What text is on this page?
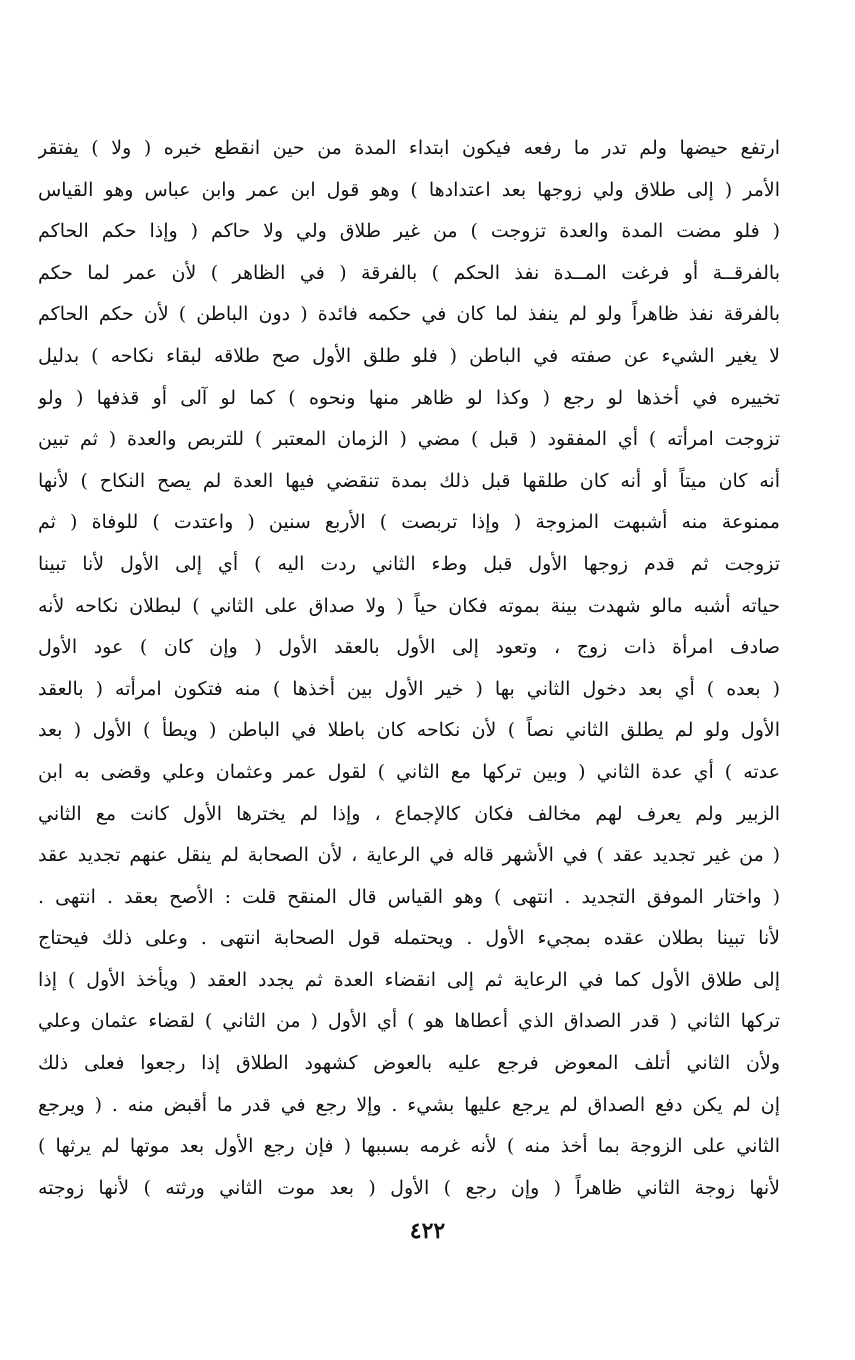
ارتفع حيضها ولم تدر ما رفعه فيكون ابتداء المدة من حين انقطع خبره ( ولا ) يفتقر
الأمر ( إلى طلاق ولي زوجها بعد اعتدادها ) وهو قول ابن عمر وابن عباس وهو القياس
( فلو مضت المدة والعدة تزوجت ) من غير طلاق ولي ولا حاكم ( وإذا حكم الحاكم
بالفرقــة أو فرغت المــدة نفذ الحكم ) بالفرقة ( في الظاهر ) لأن عمر لما حكم
بالفرقة نفذ ظاهراً ولو لم ينفذ لما كان في حكمه فائدة ( دون الباطن ) لأن حكم الحاكم
لا يغير الشيء عن صفته في الباطن ( فلو طلق الأول صح طلاقه لبقاء نكاحه ) بدليل
تخييره في أخذها لو رجع ( وكذا لو ظاهر منها ونحوه ) كما لو آلى أو قذفها ( ولو
تزوجت امرأته ) أي المفقود ( قبل ) مضي ( الزمان المعتبر ) للتربص والعدة ( ثم تبين
أنه كان ميتاً أو أنه كان طلقها قبل ذلك بمدة تنقضي فيها العدة لم يصح النكاح ) لأنها
ممنوعة منه أشبهت المزوجة ( وإذا تربصت ) الأربع سنين ( واعتدت ) للوفاة ( ثم
تزوجت ثم قدم زوجها الأول قبل وطء الثاني ردت اليه ) أي إلى الأول لأنا تبينا
حياته أشبه مالو شهدت بينة بموته فكان حياً ( ولا صداق على الثاني ) لبطلان نكاحه لأنه
صادف امرأة ذات زوج ، وتعود إلى الأول بالعقد الأول ( وإن كان ) عود الأول
( بعده ) أي بعد دخول الثاني بها ( خير الأول بين أخذها ) منه فتكون امرأته ( بالعقد
الأول ولو لم يطلق الثاني نصاً ) لأن نكاحه كان باطلا في الباطن ( ويطأ ) الأول ( بعد
عدته ) أي عدة الثاني ( وبين تركها مع الثاني ) لقول عمر وعثمان وعلي وقضى به ابن
الزبير ولم يعرف لهم مخالف فكان كالإجماع ، وإذا لم يخترها الأول كانت مع الثاني
( من غير تجديد عقد ) في الأشهر قاله في الرعاية ، لأن الصحابة لم ينقل عنهم تجديد عقد
( واختار الموفق التجديد . انتهى ) وهو القياس قال المنقح قلت : الأصح بعقد . انتهى .
لأنا تبينا بطلان عقده بمجيء الأول . ويحتمله قول الصحابة انتهى . وعلى ذلك فيحتاج
إلى طلاق الأول كما في الرعاية ثم إلى انقضاء العدة ثم يجدد العقد ( ويأخذ الأول ) إذا
تركها الثاني ( قدر الصداق الذي أعطاها هو ) أي الأول ( من الثاني ) لقضاء عثمان وعلي
ولأن الثاني أتلف المعوض فرجع عليه بالعوض كشهود الطلاق إذا رجعوا فعلى ذلك
إن لم يكن دفع الصداق لم يرجع عليها بشيء . وإلا رجع في قدر ما أقبض منه . ( ويرجع
الثاني على الزوجة بما أخذ منه ) لأنه غرمه بسببها ( فإن رجع الأول بعد موتها لم يرثها )
لأنها زوجة الثاني ظاهراً ( وإن رجع ) الأول ( بعد موت الثاني ورثته ) لأنها زوجته
٤٢٢
